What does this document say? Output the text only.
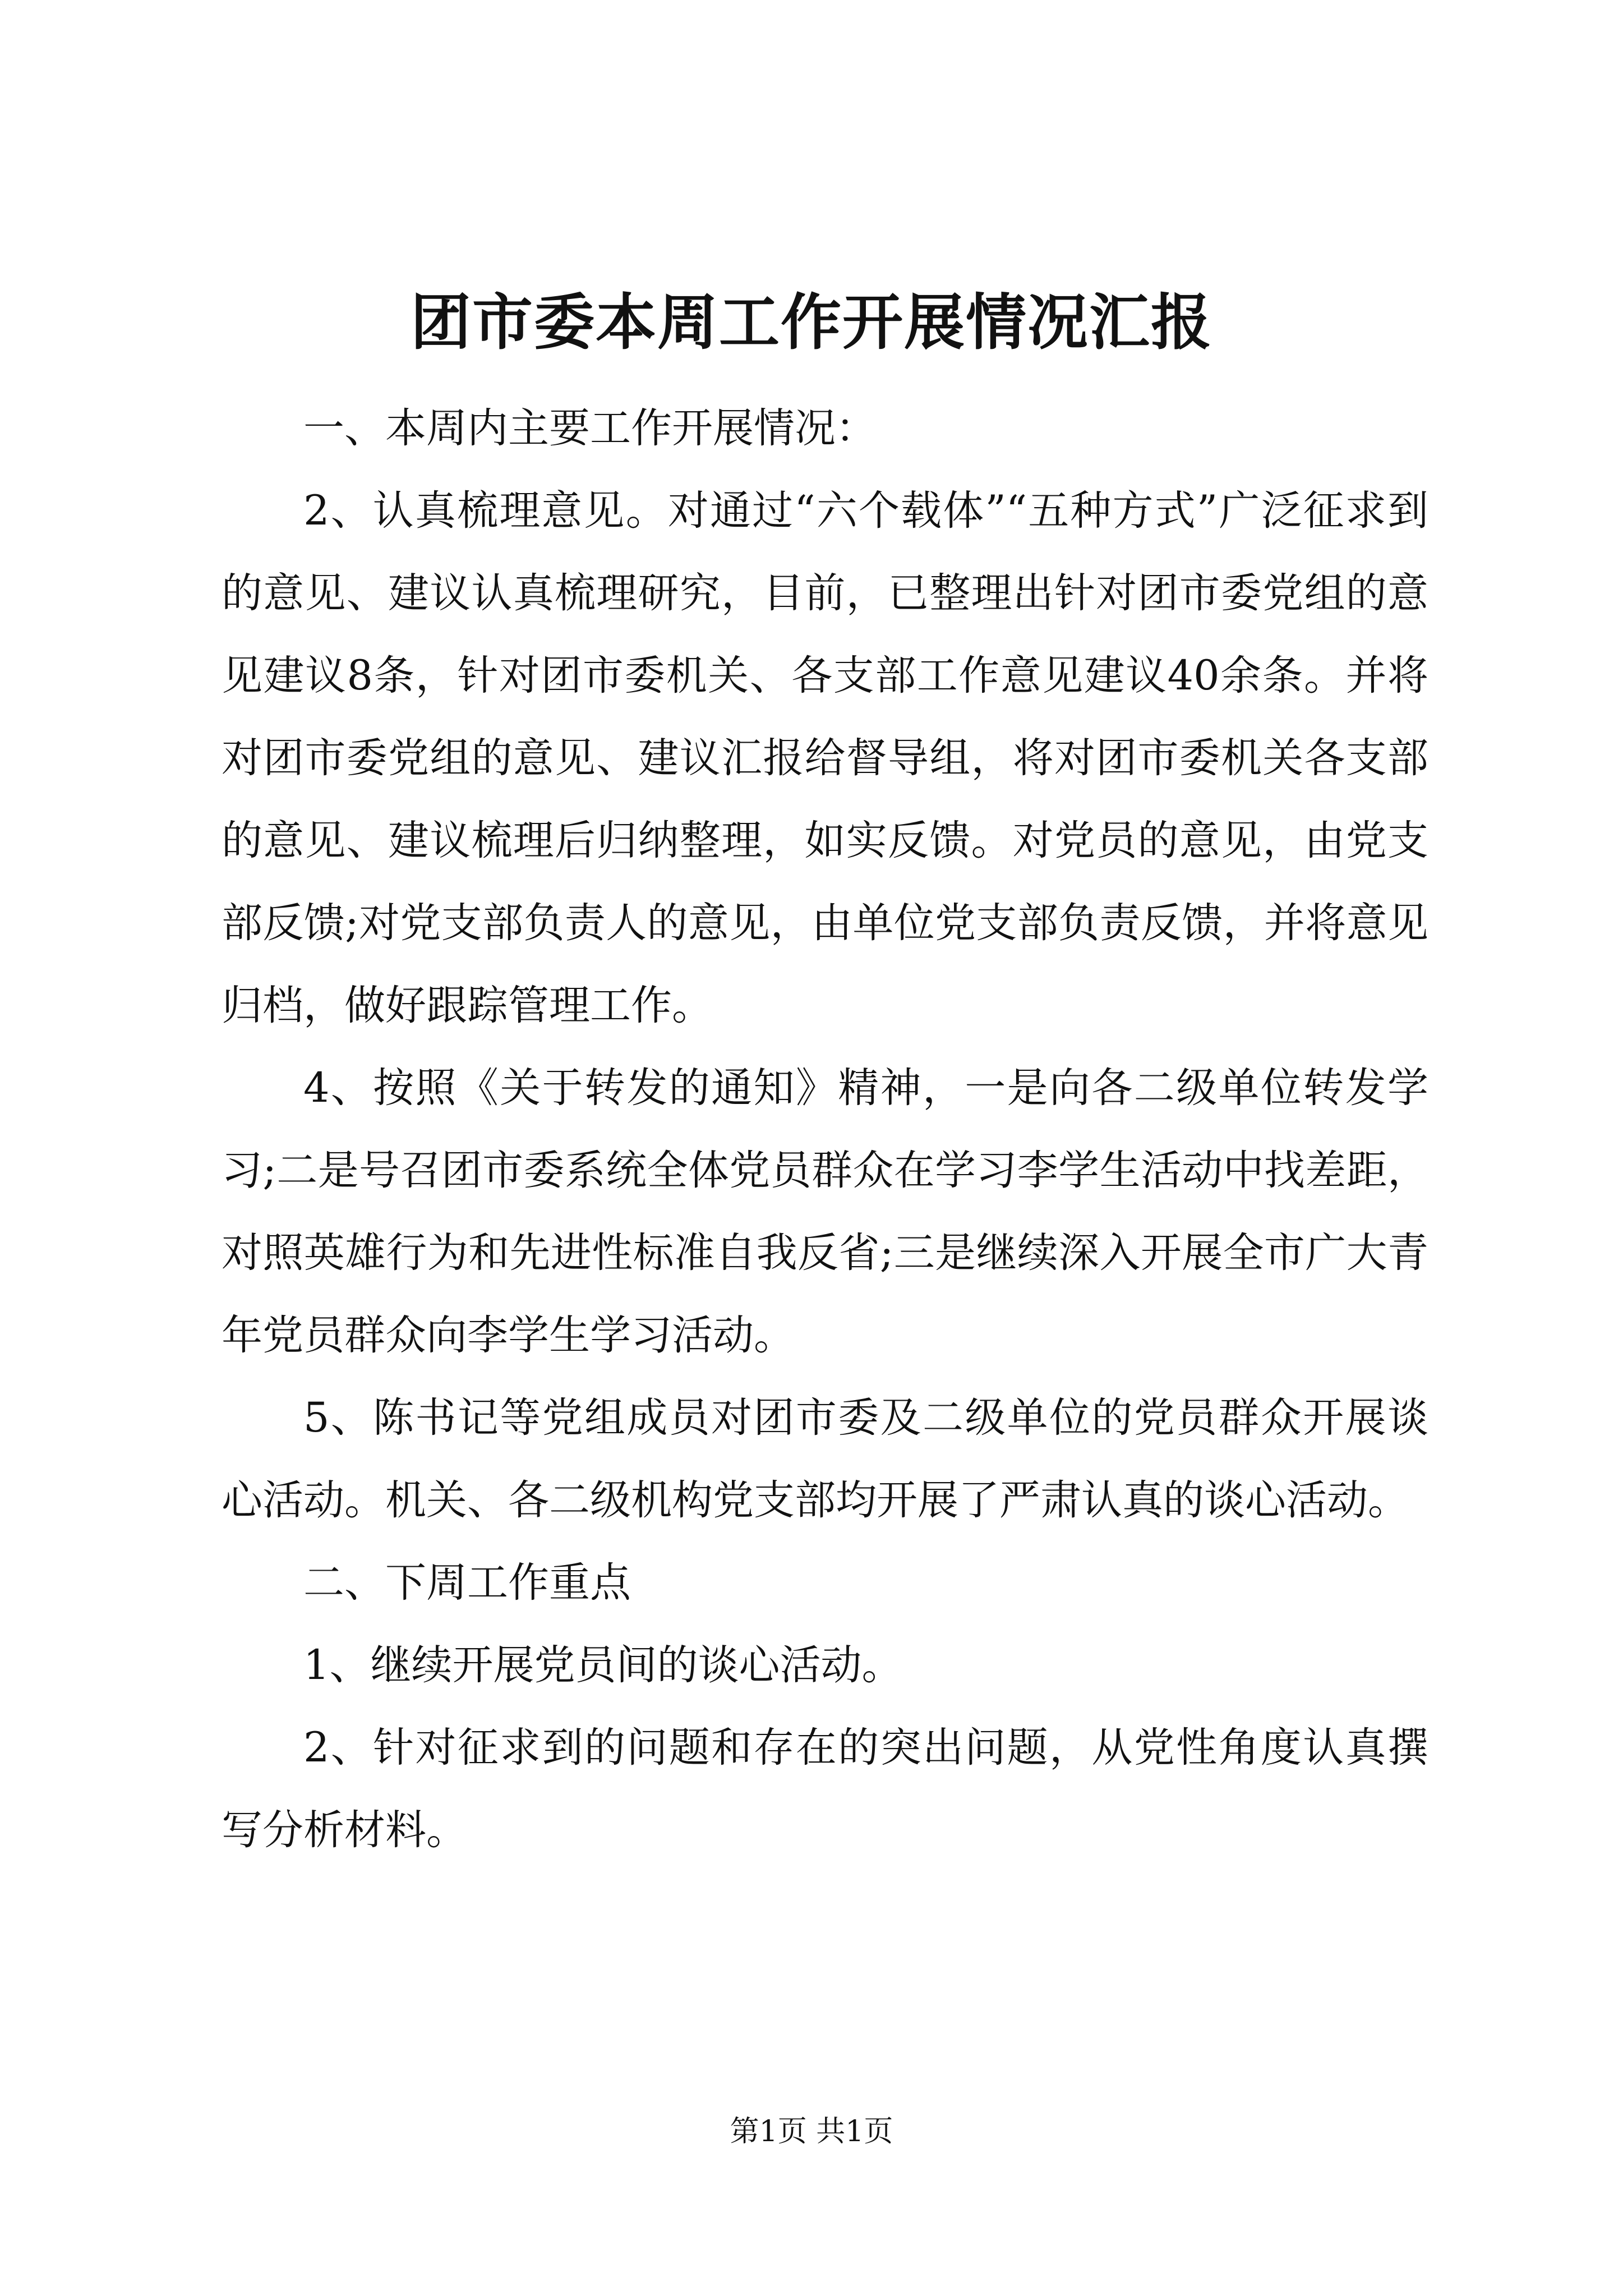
团市委本周工作开展情况汇报

一、本周内主要工作开展情况：

2、认真梳理意见。对通过“六个载体”“五种方式”广泛征求到的意见、建议认真梳理研究，目前，已整理出针对团市委党组的意见建议8条，针对团市委机关、各支部工作意见建议40余条。并将对团市委党组的意见、建议汇报给督导组，将对团市委机关各支部的意见、建议梳理后归纳整理，如实反馈。对党员的意见，由党支部反馈;对党支部负责人的意见，由单位党支部负责反馈，并将意见归档，做好跟踪管理工作。

4、按照《关于转发的通知》精神，一是向各二级单位转发学习;二是号召团市委系统全体党员群众在学习李学生活动中找差距，对照英雄行为和先进性标准自我反省;三是继续深入开展全市广大青年党员群众向李学生学习活动。

5、陈书记等党组成员对团市委及二级单位的党员群众开展谈心活动。机关、各二级机构党支部均开展了严肃认真的谈心活动。

二、下周工作重点

1、继续开展党员间的谈心活动。

2、针对征求到的问题和存在的突出问题，从党性角度认真撰写分析材料。

第1页 共1页
